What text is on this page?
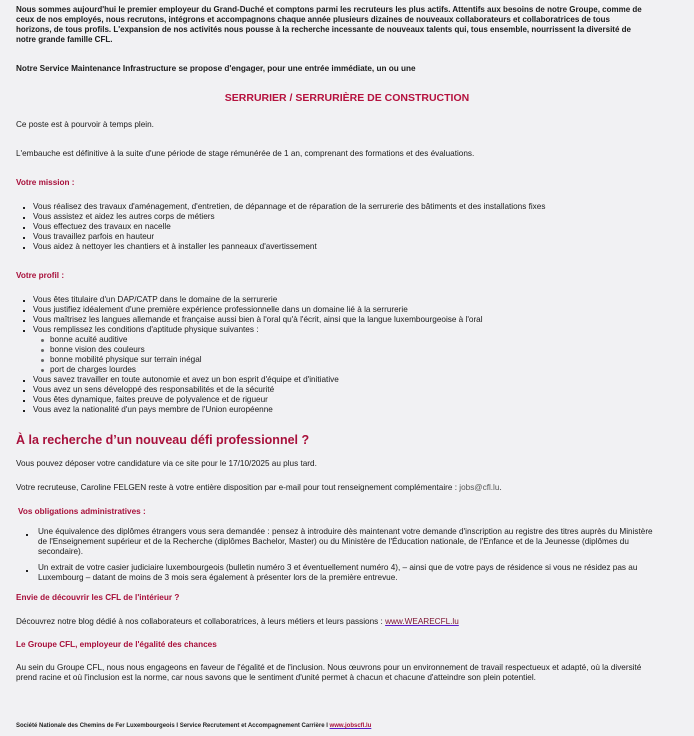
Nous sommes aujourd'hui le premier employeur du Grand-Duché et comptons parmi les recruteurs les plus actifs. Attentifs aux besoins de notre Groupe, comme de ceux de nos employés, nous recrutons, intégrons et accompagnons chaque année plusieurs dizaines de nouveaux collaborateurs et collaboratrices de tous horizons, de tous profils. L'expansion de nos activités nous pousse à la recherche incessante de nouveaux talents qui, tous ensemble, nourrissent la diversité de notre grande famille CFL.

Notre Service Maintenance Infrastructure se propose d'engager, pour une entrée immédiate, un ou une

SERRURIER / SERRURIÈRE DE CONSTRUCTION

Ce poste est à pourvoir à temps plein.

L'embauche est définitive à la suite d'une période de stage rémunérée de 1 an, comprenant des formations et des évaluations.

Votre mission :

Vous réalisez des travaux d'aménagement, d'entretien, de dépannage et de réparation de la serrurerie des bâtiments et des installations fixes
Vous assistez et aidez les autres corps de métiers
Vous effectuez des travaux en nacelle
Vous travaillez parfois en hauteur
Vous aidez à nettoyer les chantiers et à installer les panneaux d'avertissement

Votre profil :

Vous êtes titulaire d'un DAP/CATP dans le domaine de la serrurerie
Vous justifiez idéalement d'une première expérience professionnelle dans un domaine lié à la serrurerie
Vous maîtrisez les langues allemande et française aussi bien à l'oral qu'à l'écrit, ainsi que la langue luxembourgeoise à l'oral
Vous remplissez les conditions d'aptitude physique suivantes :
bonne acuité auditive
bonne vision des couleurs
bonne mobilité physique sur terrain inégal
port de charges lourdes
Vous savez travailler en toute autonomie et avez un bon esprit d'équipe et d'initiative
Vous avez un sens développé des responsabilités et de la sécurité
Vous êtes dynamique, faites preuve de polyvalence et de rigueur
Vous avez la nationalité d'un pays membre de l'Union européenne

À la recherche d’un nouveau défi professionnel ?

Vous pouvez déposer votre candidature via ce site pour le 17/10/2025 au plus tard.

Votre recruteuse, Caroline FELGEN reste à votre entière disposition par e-mail pour tout renseignement complémentaire : jobs@cfl.lu.

Vos obligations administratives :

Une équivalence des diplômes étrangers vous sera demandée : pensez à introduire dès maintenant votre demande d'inscription au registre des titres auprès du Ministère de l'Enseignement supérieur et de la Recherche (diplômes Bachelor, Master) ou du Ministère de l'Éducation nationale, de l'Enfance et de la Jeunesse (diplômes du secondaire).
Un extrait de votre casier judiciaire luxembourgeois (bulletin numéro 3 et éventuellement numéro 4), – ainsi que de votre pays de résidence si vous ne résidez pas au Luxembourg – datant de moins de 3 mois sera également à présenter lors de la première entrevue.

Envie de découvrir les CFL de l'intérieur ?

Découvrez notre blog dédié à nos collaborateurs et collaboratrices, à leurs métiers et leurs passions : www.WEARECFL.lu

Le Groupe CFL, employeur de l'égalité des chances

Au sein du Groupe CFL, nous nous engageons en faveur de l'égalité et de l'inclusion. Nous œuvrons pour un environnement de travail respectueux et adapté, où la diversité prend racine et où l'inclusion est la norme, car nous savons que le sentiment d'unité permet à chacun et chacune d'atteindre son plein potentiel.

Société Nationale des Chemins de Fer Luxembourgeois I Service Recrutement et Accompagnement Carrière I www.jobscfl.lu
